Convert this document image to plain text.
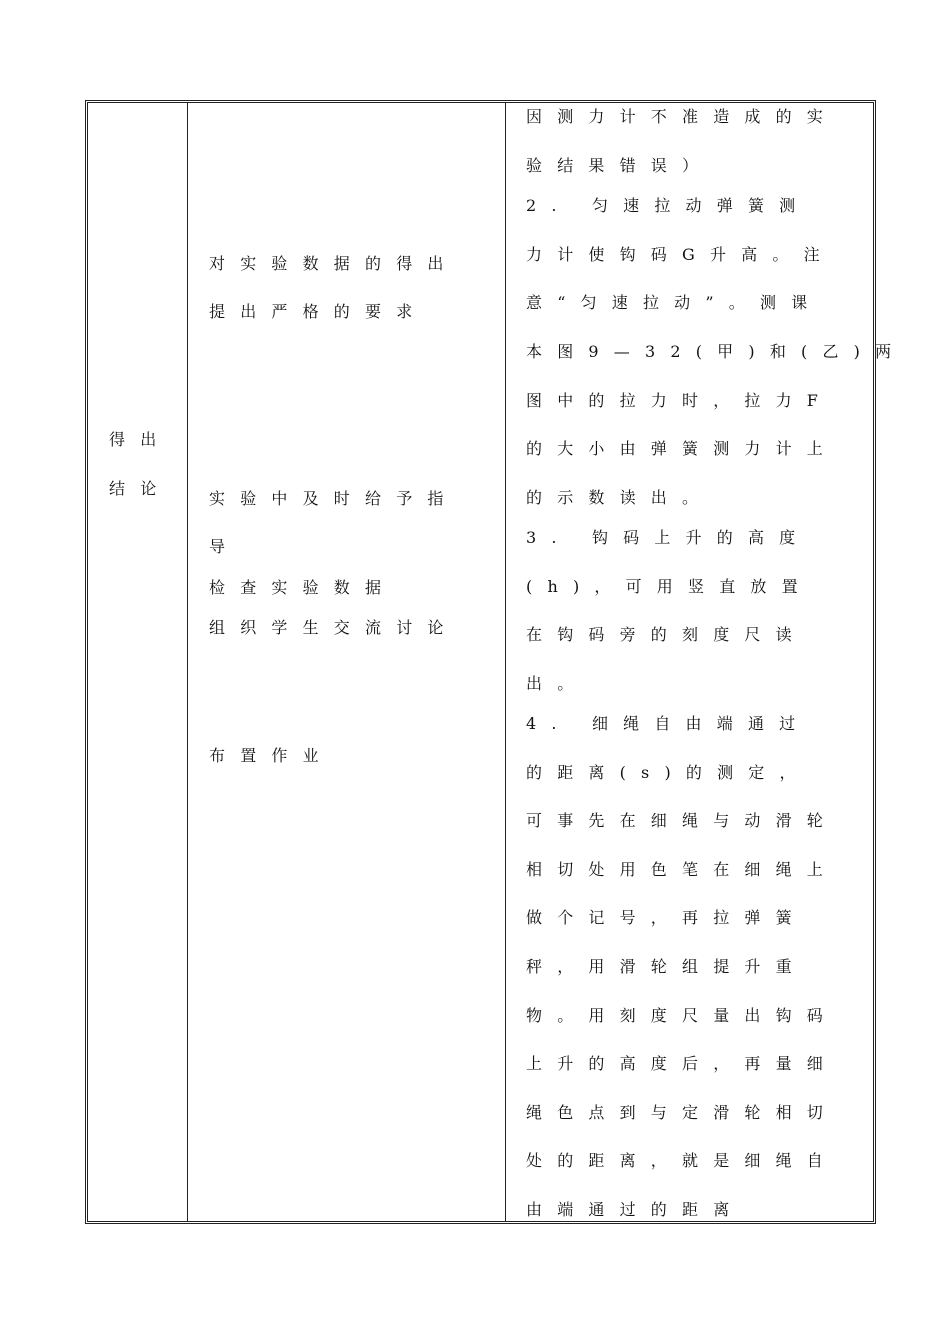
得出
结论
对实验数据的得出
提出严格的要求
实验中及时给予指
导
检查实验数据
组织学生交流讨论
布置作业
因测力计不准造成的实
验结果错误）
2. 匀速拉动弹簧测
力计使钩码G升高。注
意“匀速拉动”。测课
本图9—32(甲)和(乙)两
图中的拉力时，拉力F
的大小由弹簧测力计上
的示数读出。
3. 钩码上升的高度
(h)，可用竖直放置
在钩码旁的刻度尺读
出。
4. 细绳自由端通过
的距离(s)的测定，
可事先在细绳与动滑轮
相切处用色笔在细绳上
做个记号，再拉弹簧
秤，用滑轮组提升重
物。用刻度尺量出钩码
上升的高度后，再量细
绳色点到与定滑轮相切
处的距离，就是细绳自
由端通过的距离
